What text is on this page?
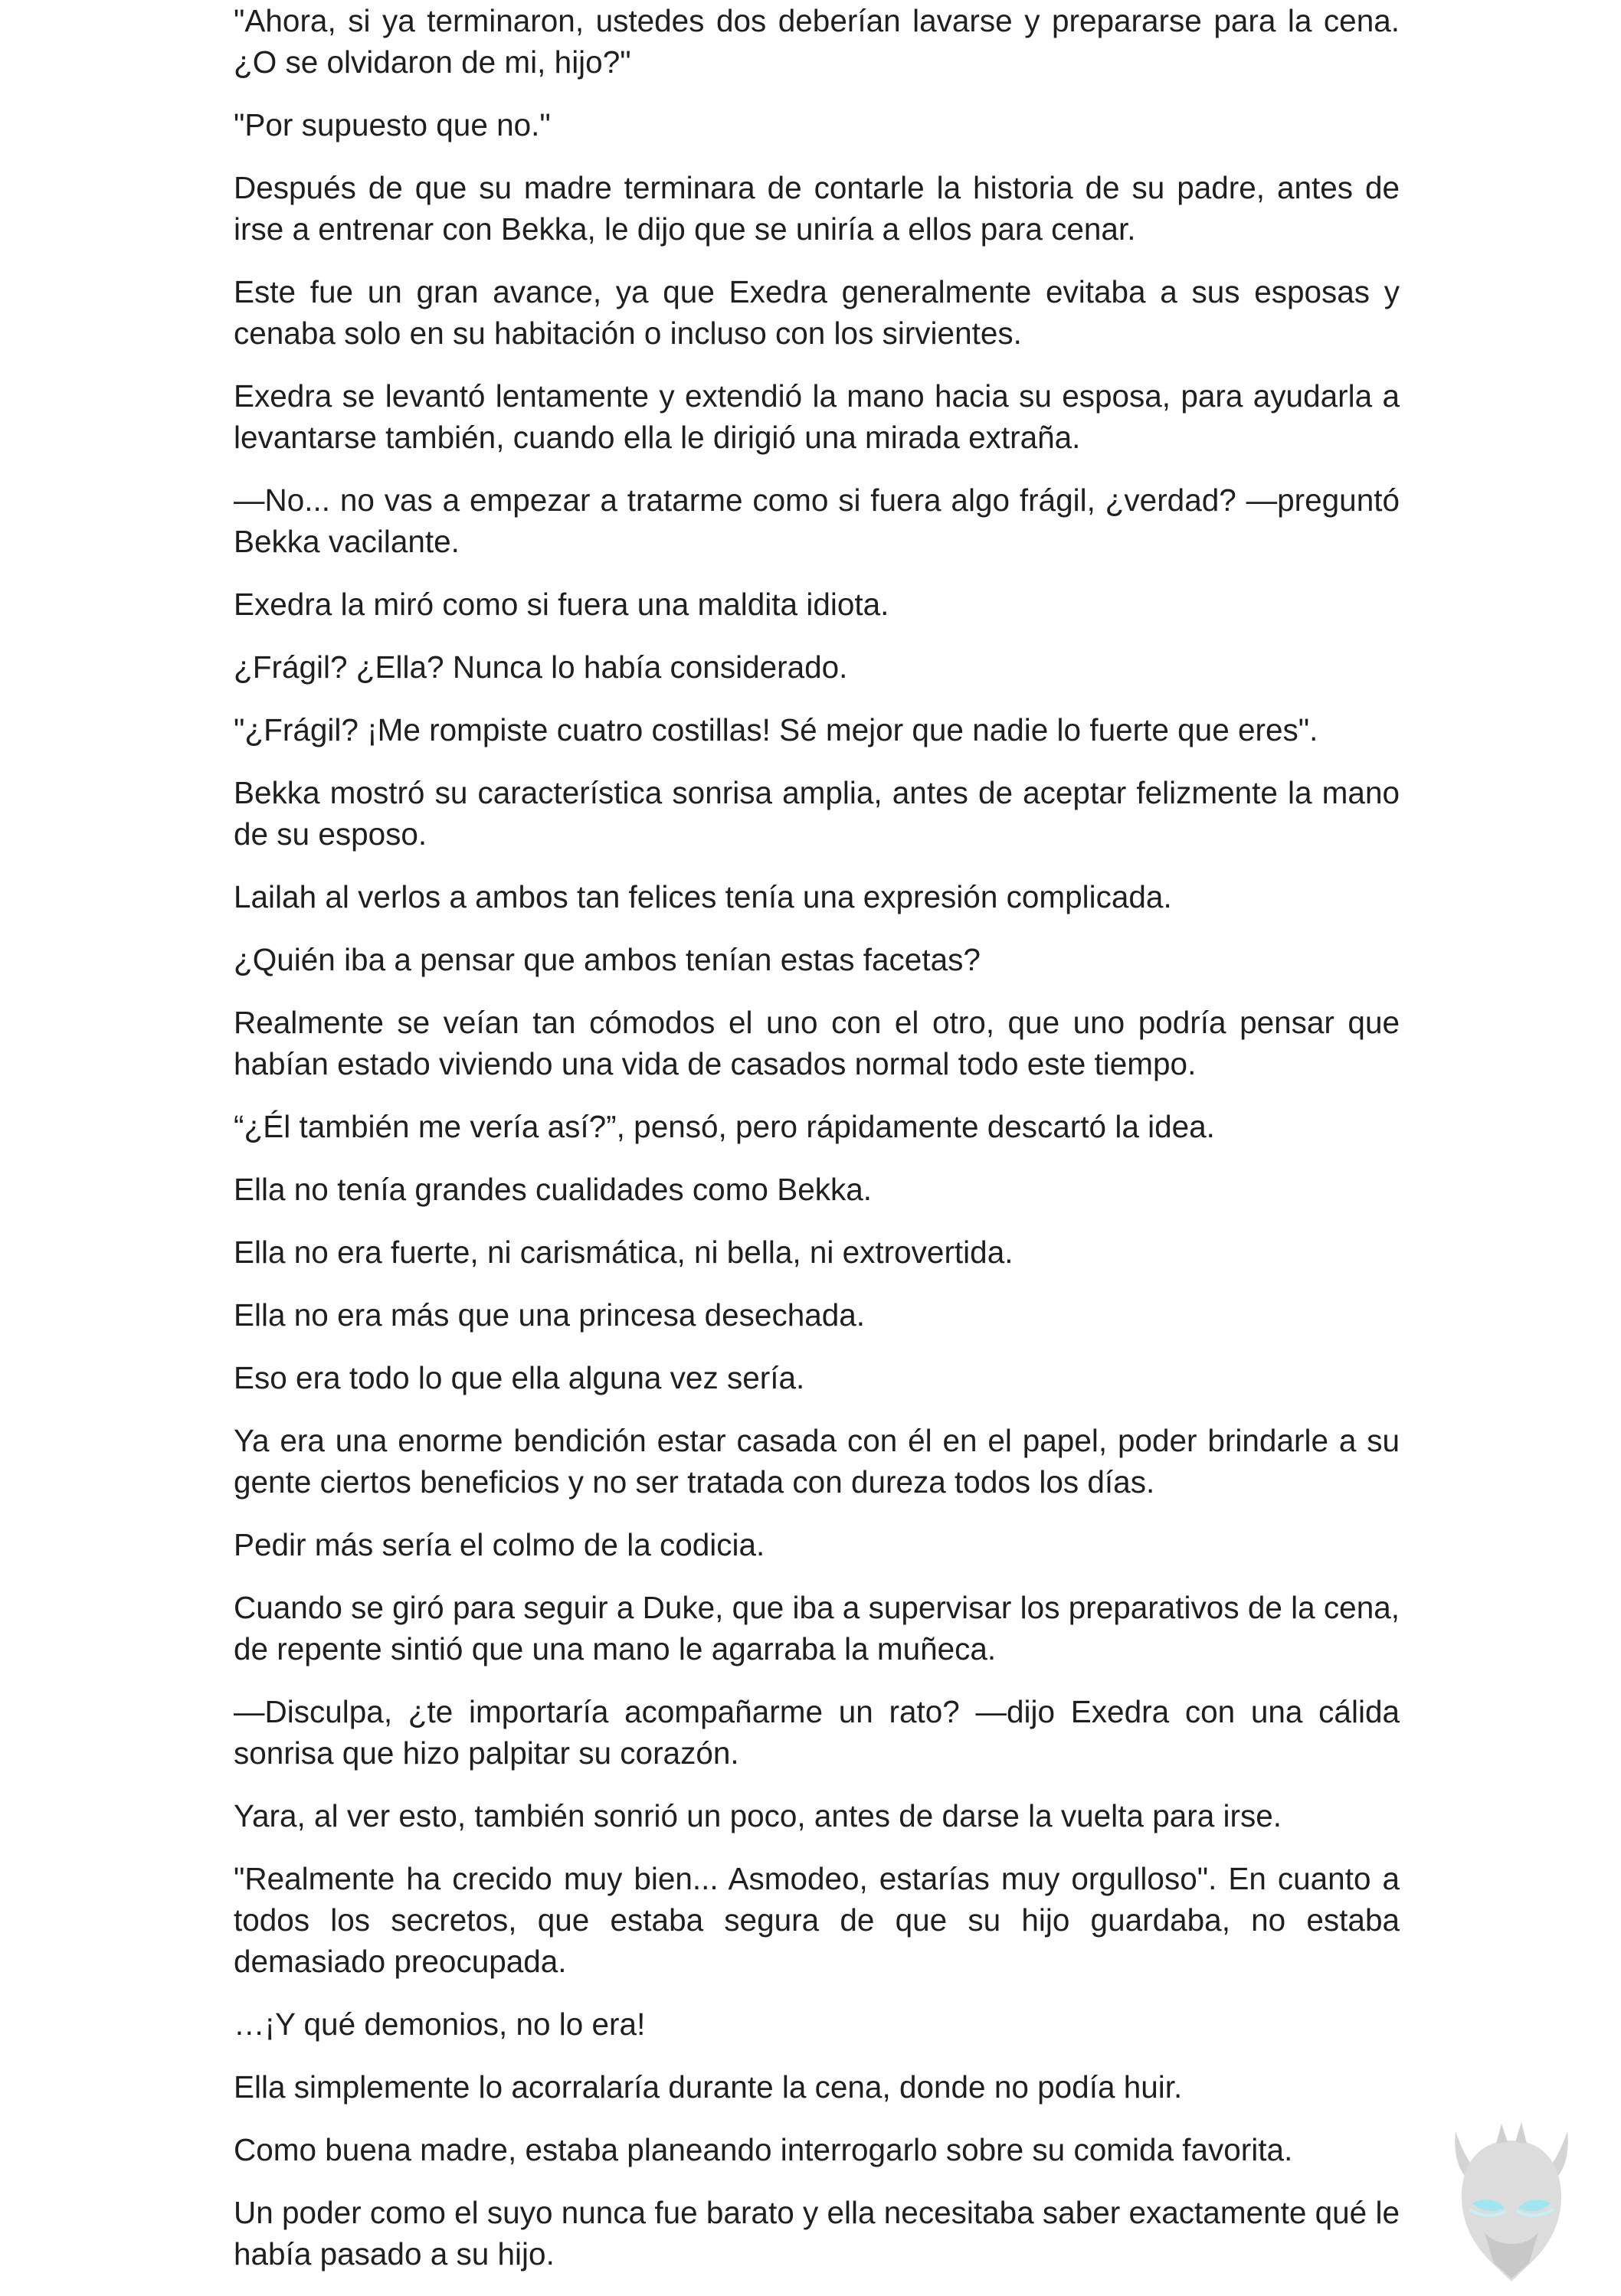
"Ahora, si ya terminaron, ustedes dos deberían lavarse y prepararse para la cena. ¿O se olvidaron de mi, hijo?"

"Por supuesto que no."

Después de que su madre terminara de contarle la historia de su padre, antes de irse a entrenar con Bekka, le dijo que se uniría a ellos para cenar.

Este fue un gran avance, ya que Exedra generalmente evitaba a sus esposas y cenaba solo en su habitación o incluso con los sirvientes.

Exedra se levantó lentamente y extendió la mano hacia su esposa, para ayudarla a levantarse también, cuando ella le dirigió una mirada extraña.

—No... no vas a empezar a tratarme como si fuera algo frágil, ¿verdad? —preguntó Bekka vacilante.

Exedra la miró como si fuera una maldita idiota.

¿Frágil? ¿Ella? Nunca lo había considerado.

"¿Frágil? ¡Me rompiste cuatro costillas! Sé mejor que nadie lo fuerte que eres".

Bekka mostró su característica sonrisa amplia, antes de aceptar felizmente la mano de su esposo.

Lailah al verlos a ambos tan felices tenía una expresión complicada.

¿Quién iba a pensar que ambos tenían estas facetas?

Realmente se veían tan cómodos el uno con el otro, que uno podría pensar que habían estado viviendo una vida de casados normal todo este tiempo.

“¿Él también me vería así?”, pensó, pero rápidamente descartó la idea.

Ella no tenía grandes cualidades como Bekka.

Ella no era fuerte, ni carismática, ni bella, ni extrovertida.

Ella no era más que una princesa desechada.

Eso era todo lo que ella alguna vez sería.

Ya era una enorme bendición estar casada con él en el papel, poder brindarle a su gente ciertos beneficios y no ser tratada con dureza todos los días.

Pedir más sería el colmo de la codicia.

Cuando se giró para seguir a Duke, que iba a supervisar los preparativos de la cena, de repente sintió que una mano le agarraba la muñeca.

—Disculpa, ¿te importaría acompañarme un rato? —dijo Exedra con una cálida sonrisa que hizo palpitar su corazón.

Yara, al ver esto, también sonrió un poco, antes de darse la vuelta para irse.

"Realmente ha crecido muy bien... Asmodeo, estarías muy orgulloso". En cuanto a todos los secretos, que estaba segura de que su hijo guardaba, no estaba demasiado preocupada.

…¡Y qué demonios, no lo era!

Ella simplemente lo acorralaría durante la cena, donde no podía huir.

Como buena madre, estaba planeando interrogarlo sobre su comida favorita.

Un poder como el suyo nunca fue barato y ella necesitaba saber exactamente qué le había pasado a su hijo.
